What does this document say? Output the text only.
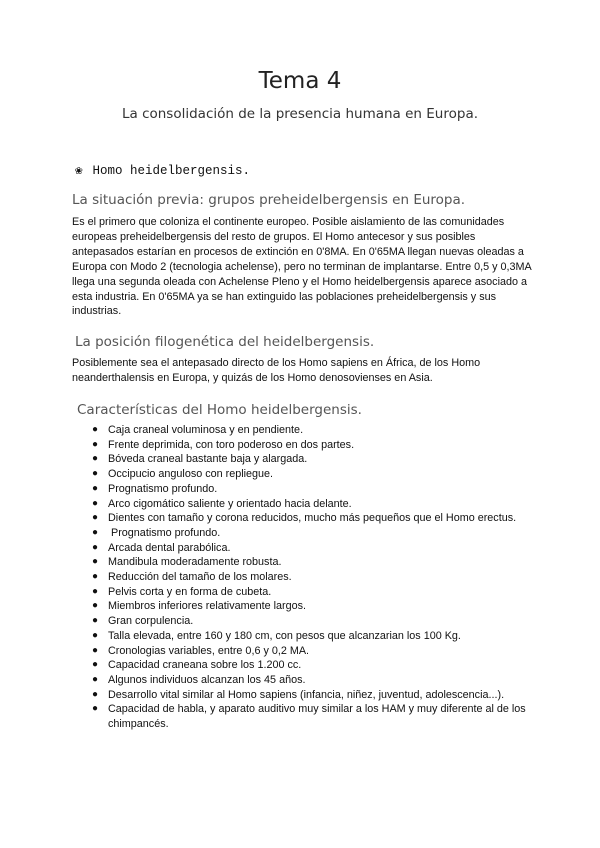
Tema 4
La consolidación de la presencia humana en Europa.
❀ Homo heidelbergensis.
La situación previa: grupos preheidelbergensis en Europa.
Es el primero que coloniza el continente europeo. Posible aislamiento de las comunidades europeas preheidelbergensis del resto de grupos. El Homo antecesor y sus posibles antepasados estarían en procesos de extinción en 0'8MA. En 0'65MA llegan nuevas oleadas a Europa con Modo 2 (tecnologia achelense), pero no terminan de implantarse. Entre 0,5 y 0,3MA llega una segunda oleada con Achelense Pleno y el Homo heidelbergensis aparece asociado a esta industria. En 0'65MA ya se han extinguido las poblaciones preheidelbergensis y sus industrias.
La posición filogenética del heidelbergensis.
Posiblemente sea el antepasado directo de los Homo sapiens en África, de los Homo neanderthalensis en Europa, y quizás de los Homo denosovienses en Asia.
Características del Homo heidelbergensis.
● Caja craneal voluminosa y en pendiente.
● Frente deprimida, con toro poderoso en dos partes.
● Bóveda craneal bastante baja y alargada.
● Occipucio anguloso con repliegue.
● Prognatismo profundo.
● Arco cigomático saliente y orientado hacia delante.
● Dientes con tamaño y corona reducidos, mucho más pequeños que el Homo erectus.
● Prognatismo profundo.
● Arcada dental parabólica.
● Mandibula moderadamente robusta.
● Reducción del tamaño de los molares.
● Pelvis corta y en forma de cubeta.
● Miembros inferiores relativamente largos.
● Gran corpulencia.
● Talla elevada, entre 160 y 180 cm, con pesos que alcanzarian los 100 Kg.
● Cronologias variables, entre 0,6 y 0,2 MA.
● Capacidad craneana sobre los 1.200 cc.
● Algunos individuos alcanzan los 45 años.
● Desarrollo vital similar al Homo sapiens (infancia, niñez, juventud, adolescencia...).
● Capacidad de habla, y aparato auditivo muy similar a los HAM y muy diferente al de los chimpancés.
